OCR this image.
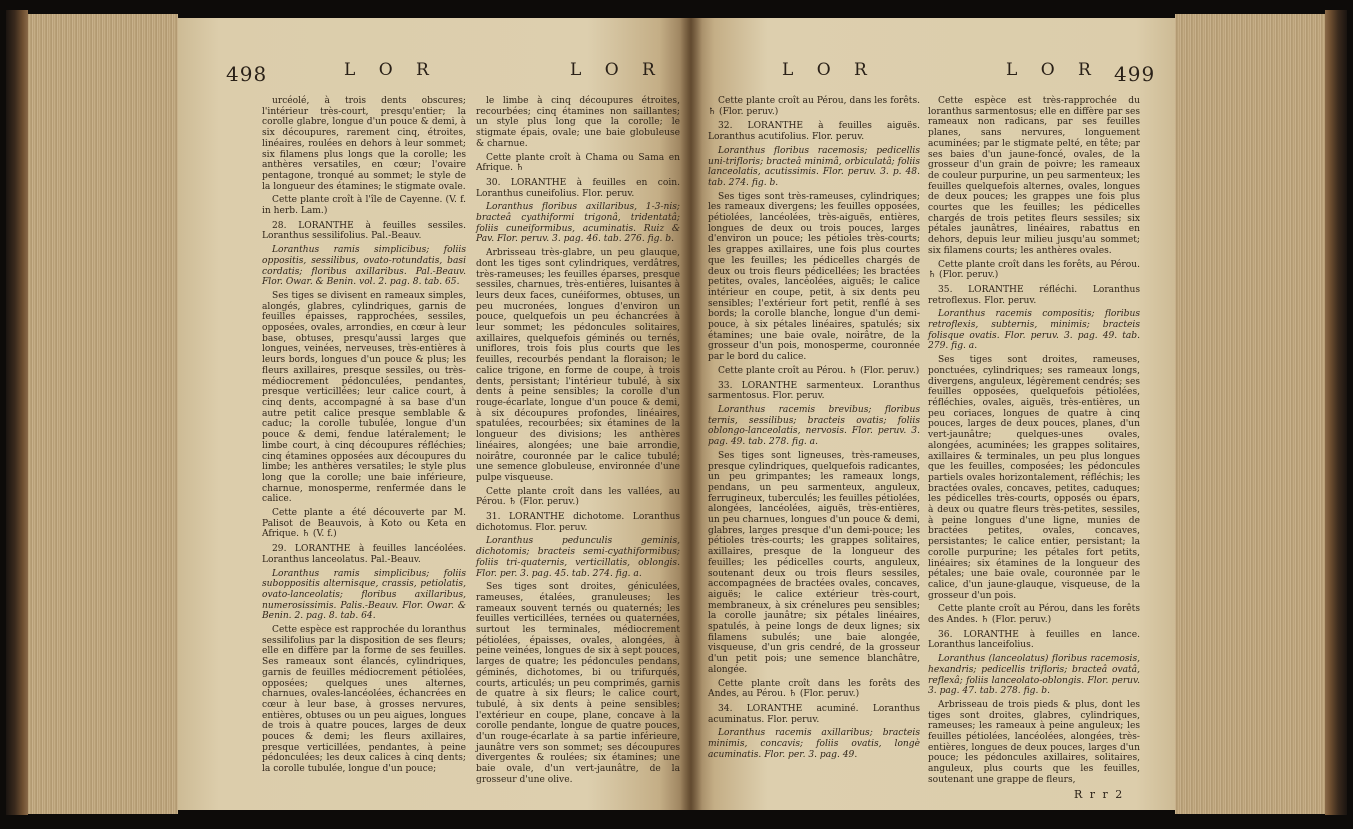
498	L O R	L O R

urcéolé, à trois dents obscures; l'intérieur très-court, presqu'entier; la corolle glabre, longue d'un pouce & demi, à six découpures, rarement cinq, étroites, linéaires, roulées en dehors à leur sommet; six filamens plus longs que la corolle; les anthères versatiles, en cœur; l'ovaire pentagone, tronqué au sommet; le style de la longueur des étamines; le stigmate ovale.

Cette plante croît à l'île de Cayenne. (V. f. in herb. Lam.)

28. LORANTHE à feuilles sessiles. Loranthus sessilifolius. Pal.-Beauv.

Loranthus ramis simplicibus; foliis oppositis, sessilibus, ovato-rotundatis, basi cordatis; floribus axillaribus. Pal.-Beauv. Flor. Owar. & Benin. vol. 2. pag. 8. tab. 65.

Ses tiges se divisent en rameaux simples, alongés, glabres, cylindriques, garnis de feuilles épaisses, rapprochées, sessiles, opposées, ovales, arrondies, en cœur à leur base, obtuses, presqu'aussi larges que longues, veinées, nerveuses, très-entières à leurs bords, longues d'un pouce & plus; les fleurs axillaires, presque sessiles, ou très-médiocrement pédonculées, pendantes, presque verticillées; leur calice court, à cinq dents, accompagné à sa base d'un autre petit calice presque semblable & caduc; la corolle tubulée, longue d'un pouce & demi, fendue latéralement; le limbe court, à cinq découpures réfléchies; cinq étamines opposées aux découpures du limbe; les anthères versatiles; le style plus long que la corolle; une baie inférieure, charnue, monosperme, renfermée dans le calice.

Cette plante a été découverte par M. Palisot de Beauvois, à Koto ou Keta en Afrique. ♄ (V. f.)

29. LORANTHE à feuilles lancéolées. Loranthus lanceolatus. Pal.-Beauv.

Loranthus ramis simplicibus; foliis suboppositis alternisque, crassis, petiolatis, ovato-lanceolatis; floribus axillaribus, numerosissimis. Palis.-Beauv. Flor. Owar. & Benin. 2. pag. 8. tab. 64.

Cette espèce est rapprochée du loranthus sessilifolius par la disposition de ses fleurs; elle en diffère par la forme de ses feuilles. Ses rameaux sont élancés, cylindriques, garnis de feuilles médiocrement pétiolées, opposées; quelques unes alternes, charnues, ovales-lancéolées, échancrées en cœur à leur base, à grosses nervures, entières, obtuses ou un peu aigues, longues de trois à quatre pouces, larges de deux pouces & demi; les fleurs axillaires, presque verticillées, pendantes, à peine pédonculées; les deux calices à cinq dents; la corolle tubulée, longue d'un pouce;

le limbe à cinq découpures étroites, recourbées; cinq étamines non saillantes; un style plus long que la corolle; le stigmate épais, ovale; une baie globuleuse & charnue.

Cette plante croît à Chama ou Sama en Afrique. ♄

30. LORANTHE à feuilles en coin. Loranthus cuneifolius. Flor. peruv.

Loranthus floribus axillaribus, 1-3-nis; bracteâ cyathiformi trigonâ, tridentatâ; foliis cuneiformibus, acuminatis. Ruiz & Pav. Flor. peruv. 3. pag. 46. tab. 276. fig. b.

Arbrisseau très-glabre, un peu glauque, dont les tiges sont cylindriques, verdâtres, très-rameuses; les feuilles éparses, presque sessiles, charnues, très-entières, luisantes à leurs deux faces, cunéiformes, obtuses, un peu mucronées, longues d'environ un pouce, quelquefois un peu échancrées à leur sommet; les pédoncules solitaires, axillaires, quelquefois géminés ou ternés, uniflores, trois fois plus courts que les feuilles, recourbés pendant la floraison; le calice trigone, en forme de coupe, à trois dents, persistant; l'intérieur tubulé, à six dents à peine sensibles; la corolle d'un rouge-écarlate, longue d'un pouce & demi, à six découpures profondes, linéaires, spatulées, recourbées; six étamines de la longueur des divisions; les anthères linéaires, alongées; une baie arrondie, noirâtre, couronnée par le calice tubulé; une semence globuleuse, environnée d'une pulpe visqueuse.

Cette plante croît dans les vallées, au Pérou. ♄ (Flor. peruv.)

31. LORANTHE dichotome. Loranthus dichotomus. Flor. peruv.

Loranthus pedunculis geminis, dichotomis; bracteis semi-cyathiformibus; foliis tri-quaternis, verticillatis, oblongis. Flor. per. 3. pag. 45. tab. 274. fig. a.

Ses tiges sont droites, géniculées, rameuses, étalées, granuleuses; les rameaux souvent ternés ou quaternés; les feuilles verticillées, ternées ou quaternées, surtout les terminales, médiocrement pétiolées, épaisses, ovales, alongées, à peine veinées, longues de six à sept pouces, larges de quatre; les pédoncules pendans, géminés, dichotomes, bi ou trifurqués, courts, articulés; un peu comprimés, garnis de quatre à six fleurs; le calice court, tubulé, à six dents à peine sensibles; l'extérieur en coupe, plane, concave à la corolle pendante, longue de quatre pouces, d'un rouge-écarlate à sa partie inférieure, jaunâtre vers son sommet; ses découpures divergentes & roulées; six étamines; une baie ovale, d'un vert-jaunâtre, de la grosseur d'une olive.

L O R	L O R 499

Cette plante croît au Pérou, dans les forêts. ♄ (Flor. peruv.)

32. LORANTHE à feuilles aiguës. Loranthus acutifolius. Flor. peruv.

Loranthus floribus racemosis; pedicellis uni-trifloris; bracteâ minimâ, orbiculatâ; foliis lanceolatis, acutissimis. Flor. peruv. 3. p. 48. tab. 274. fig. b.

Ses tiges sont très-rameuses, cylindriques; les rameaux divergens; les feuilles opposées, pétiolées, lancéolées, très-aiguës, entières, longues de deux ou trois pouces, larges d'environ un pouce; les pétioles très-courts; les grappes axillaires, une fois plus courtes que les feuilles; les pédicelles chargés de deux ou trois fleurs pédicellées; les bractées petites, ovales, lancéolées, aiguës; le calice intérieur en coupe, petit, à six dents peu sensibles; l'extérieur fort petit, renflé à ses bords; la corolle blanche, longue d'un demi-pouce, à six pétales linéaires, spatulés; six étamines; une baie ovale, noirâtre, de la grosseur d'un pois, monosperme, couronnée par le bord du calice.

Cette plante croît au Pérou. ♄ (Flor. peruv.)

33. LORANTHE sarmenteux. Loranthus sarmentosus. Flor. peruv.

Loranthus racemis brevibus; floribus ternis, sessilibus; bracteis ovatis; foliis oblongo-lanceolatis, nervosis. Flor. peruv. 3. pag. 49. tab. 278. fig. a.

Ses tiges sont ligneuses, très-rameuses, presque cylindriques, quelquefois radicantes, un peu grimpantes; les rameaux longs, pendans, un peu sarmenteux, anguleux, ferrugineux, tuberculés; les feuilles pétiolées, alongées, lancéolées, aiguës, très-entières, un peu charnues, longues d'un pouce & demi, glabres, larges presque d'un demi-pouce; les pétioles très-courts; les grappes solitaires, axillaires, presque de la longueur des feuilles; les pédicelles courts, anguleux, soutenant deux ou trois fleurs sessiles, accompagnées de bractées ovales, concaves, aiguës; le calice extérieur très-court, membraneux, à six crénelures peu sensibles; la corolle jaunâtre; six pétales linéaires, spatulés, à peine longs de deux lignes; six filamens subulés; une baie alongée, visqueuse, d'un gris cendré, de la grosseur d'un petit pois; une semence blanchâtre, alongée.

Cette plante croît dans les forêts des Andes, au Pérou. ♄ (Flor. peruv.)

34. LORANTHE acuminé. Loranthus acuminatus. Flor. peruv.

Loranthus racemis axillaribus; bracteis minimis, concavis; foliis ovatis, longè acuminatis. Flor. per. 3. pag. 49.

Cette espèce est très-rapprochée du loranthus sarmentosus; elle en diffère par ses rameaux non radicans, par ses feuilles planes, sans nervures, longuement acuminées; par le stigmate pelté, en tête; par ses baies d'un jaune-foncé, ovales, de la grosseur d'un grain de poivre; les rameaux de couleur purpurine, un peu sarmenteux; les feuilles quelquefois alternes, ovales, longues de deux pouces; les grappes une fois plus courtes que les feuilles; les pédicelles chargés de trois petites fleurs sessiles; six pétales jaunâtres, linéaires, rabattus en dehors, depuis leur milieu jusqu'au sommet; six filamens courts; les anthères ovales.

Cette plante croît dans les forêts, au Pérou. ♄ (Flor. peruv.)

35. LORANTHE réfléchi. Loranthus retroflexus. Flor. peruv.

Loranthus racemis compositis; floribus retroflexis, subternis, minimis; bracteis folisque ovatis. Flor. peruv. 3. pag. 49. tab. 279. fig. a.

Ses tiges sont droites, rameuses, ponctuées, cylindriques; ses rameaux longs, divergens, anguleux, légèrement cendrés; ses feuilles opposées, quelquefois pétiolées, réfléchies, ovales, aiguës, très-entières, un peu coriaces, longues de quatre à cinq pouces, larges de deux pouces, planes, d'un vert-jaunâtre; quelques-unes ovales, alongées, acuminées; les grappes solitaires, axillaires & terminales, un peu plus longues que les feuilles, composées; les pédoncules partiels ovales horizontalement, réfléchis; les bractées ovales, concaves, petites, caduques; les pédicelles très-courts, opposés ou épars, à deux ou quatre fleurs très-petites, sessiles, à peine longues d'une ligne, munies de bractées petites, ovales, concaves, persistantes; le calice entier, persistant; la corolle purpurine; les pétales fort petits, linéaires; six étamines de la longueur des pétales; une baie ovale, couronnée par le calice, d'un jaune-glauque, visqueuse, de la grosseur d'un pois.

Cette plante croît au Pérou, dans les forêts des Andes. ♄ (Flor. peruv.)

36. LORANTHE à feuilles en lance. Loranthus lanceifolius.

Loranthus (lanceolatus) floribus racemosis, hexandris; pedicellis trifloris; bracteâ ovatâ, reflexâ; foliis lanceolato-oblongis. Flor. peruv. 3. pag. 47. tab. 278. fig. b.

Arbrisseau de trois pieds & plus, dont les tiges sont droites, glabres, cylindriques, rameuses; les rameaux à peine anguleux; les feuilles pétiolées, lancéolées, alongées, très-entières, longues de deux pouces, larges d'un pouce; les pédoncules axillaires, solitaires, anguleux, plus courts que les feuilles, soutenant une grappe de fleurs,

R r r 2
